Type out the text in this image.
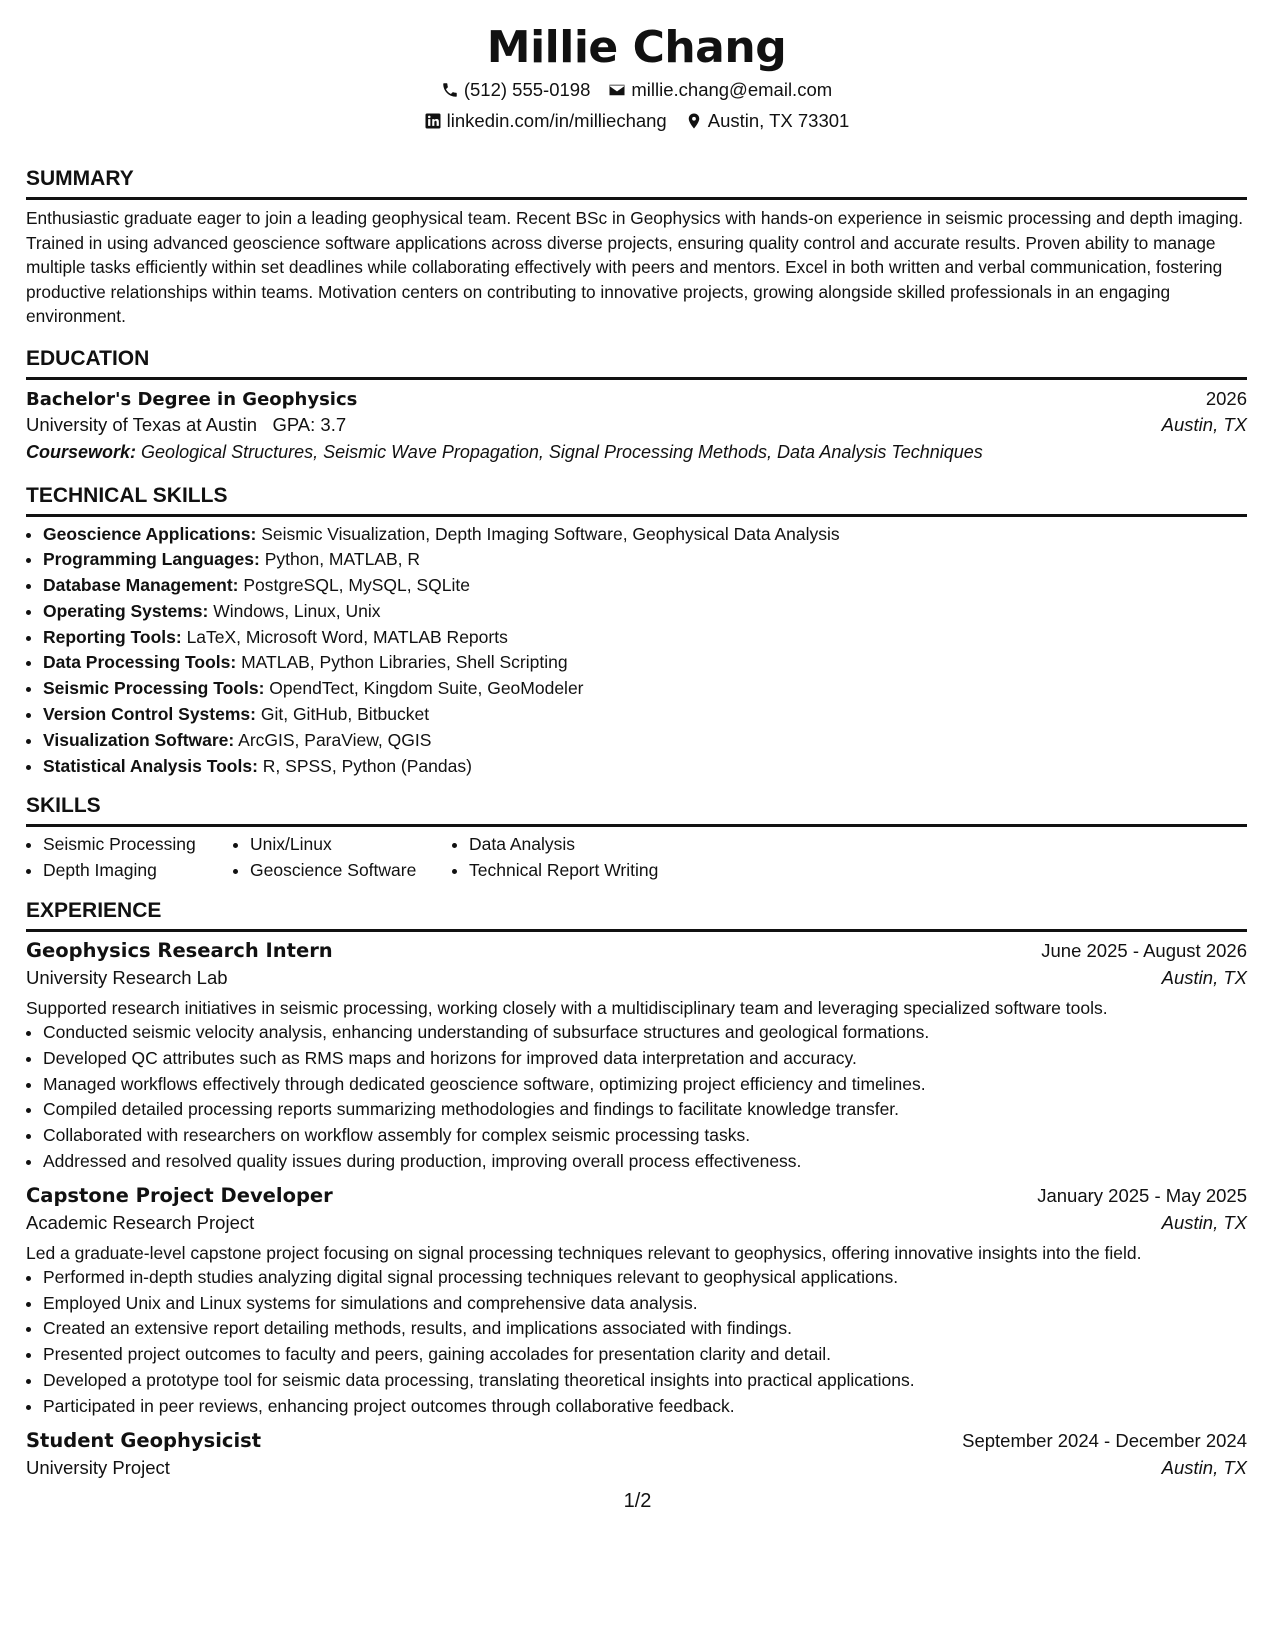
Millie Chang
(512) 555-0198 millie.chang@email.com
linkedin.com/in/milliechang Austin, TX 73301
SUMMARY

Enthusiastic graduate eager to join a leading geophysical team. Recent BSc in Geophysics with hands-on experience in seismic processing and depth imaging. Trained in using advanced geoscience software applications across diverse projects, ensuring quality control and accurate results. Proven ability to manage multiple tasks efficiently within set deadlines while collaborating effectively with peers and mentors. Excel in both written and verbal communication, fostering productive relationships within teams. Motivation centers on contributing to innovative projects, growing alongside skilled professionals in an engaging environment.

EDUCATION
Bachelor's Degree in Geophysics	2026
University of Texas at Austin GPA: 3.7	Austin, TX
Coursework: Geological Structures, Seismic Wave Propagation, Signal Processing Methods, Data Analysis Techniques
TECHNICAL SKILLS
• Geoscience Applications: Seismic Visualization, Depth Imaging Software, Geophysical Data Analysis
• Programming Languages: Python, MATLAB, R
• Database Management: PostgreSQL, MySQL, SQLite
• Operating Systems: Windows, Linux, Unix
• Reporting Tools: LaTeX, Microsoft Word, MATLAB Reports
• Data Processing Tools: MATLAB, Python Libraries, Shell Scripting
• Seismic Processing Tools: OpendTect, Kingdom Suite, GeoModeler
• Version Control Systems: Git, GitHub, Bitbucket
• Visualization Software: ArcGIS, ParaView, QGIS
• Statistical Analysis Tools: R, SPSS, Python (Pandas)
SKILLS
• Seismic Processing
• Depth Imaging
• Unix/Linux
• Geoscience Software
• Data Analysis
• Technical Report Writing
EXPERIENCE
Geophysics Research Intern	June 2025 - August 2026
University Research Lab	Austin, TX

Supported research initiatives in seismic processing, working closely with a multidisciplinary team and leveraging specialized software tools.

• Conducted seismic velocity analysis, enhancing understanding of subsurface structures and geological formations.
• Developed QC attributes such as RMS maps and horizons for improved data interpretation and accuracy.
• Managed workflows effectively through dedicated geoscience software, optimizing project efficiency and timelines.
• Compiled detailed processing reports summarizing methodologies and findings to facilitate knowledge transfer.
• Collaborated with researchers on workflow assembly for complex seismic processing tasks.
• Addressed and resolved quality issues during production, improving overall process effectiveness.
Capstone Project Developer	January 2025 - May 2025
Academic Research Project	Austin, TX

Led a graduate-level capstone project focusing on signal processing techniques relevant to geophysics, offering innovative insights into the field.

• Performed in-depth studies analyzing digital signal processing techniques relevant to geophysical applications.
• Employed Unix and Linux systems for simulations and comprehensive data analysis.
• Created an extensive report detailing methods, results, and implications associated with findings.
• Presented project outcomes to faculty and peers, gaining accolades for presentation clarity and detail.
• Developed a prototype tool for seismic data processing, translating theoretical insights into practical applications.
• Participated in peer reviews, enhancing project outcomes through collaborative feedback.
Student Geophysicist	September 2024 - December 2024
University Project	Austin, TX
1/2
